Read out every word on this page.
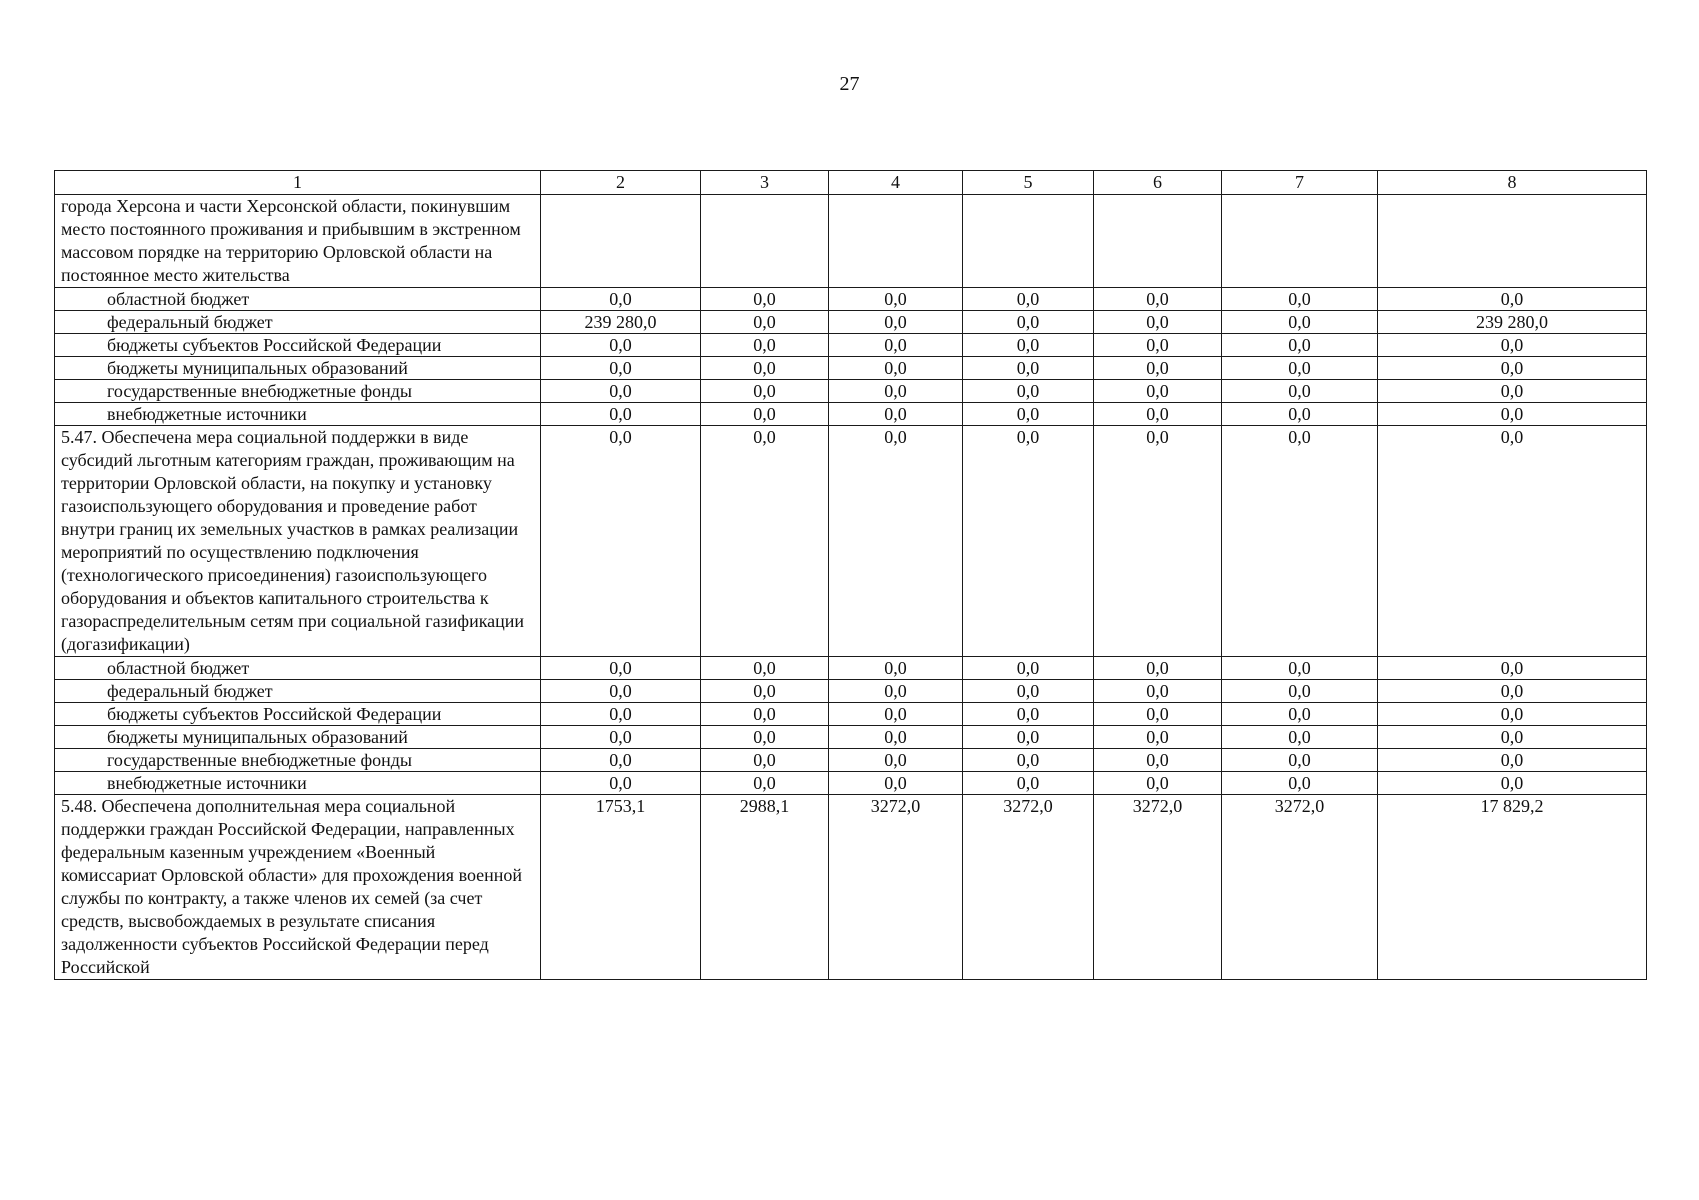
27
1	2	3	4	5	6	7	8
города Херсона и части Херсонской области, покинувшим место постоянного проживания и прибывшим в экстренном массовом порядке на территорию Орловской области на постоянное место жительства							
областной бюджет	0,0	0,0	0,0	0,0	0,0	0,0	0,0
федеральный бюджет	239 280,0	0,0	0,0	0,0	0,0	0,0	239 280,0
бюджеты субъектов Российской Федерации	0,0	0,0	0,0	0,0	0,0	0,0	0,0
бюджеты муниципальных образований	0,0	0,0	0,0	0,0	0,0	0,0	0,0
государственные внебюджетные фонды	0,0	0,0	0,0	0,0	0,0	0,0	0,0
внебюджетные источники	0,0	0,0	0,0	0,0	0,0	0,0	0,0
5.47. Обеспечена мера социальной поддержки в виде субсидий льготным категориям граждан, проживающим на территории Орловской области, на покупку и установку газоиспользующего оборудования и проведение работ внутри границ их земельных участков в рамках реализации мероприятий по осуществлению подключения (технологического присоединения) газоиспользующего оборудования и объектов капитального строительства к газораспределительным сетям при социальной газификации (догазификации)	0,0	0,0	0,0	0,0	0,0	0,0	0,0
областной бюджет	0,0	0,0	0,0	0,0	0,0	0,0	0,0
федеральный бюджет	0,0	0,0	0,0	0,0	0,0	0,0	0,0
бюджеты субъектов Российской Федерации	0,0	0,0	0,0	0,0	0,0	0,0	0,0
бюджеты муниципальных образований	0,0	0,0	0,0	0,0	0,0	0,0	0,0
государственные внебюджетные фонды	0,0	0,0	0,0	0,0	0,0	0,0	0,0
внебюджетные источники	0,0	0,0	0,0	0,0	0,0	0,0	0,0
5.48. Обеспечена дополнительная мера социальной поддержки граждан Российской Федерации, направленных федеральным казенным учреждением «Военный комиссариат Орловской области» для прохождения военной службы по контракту, а также членов их семей (за счет средств, высвобождаемых в результате списания задолженности субъектов Российской Федерации перед Российской	1753,1	2988,1	3272,0	3272,0	3272,0	3272,0	17 829,2
